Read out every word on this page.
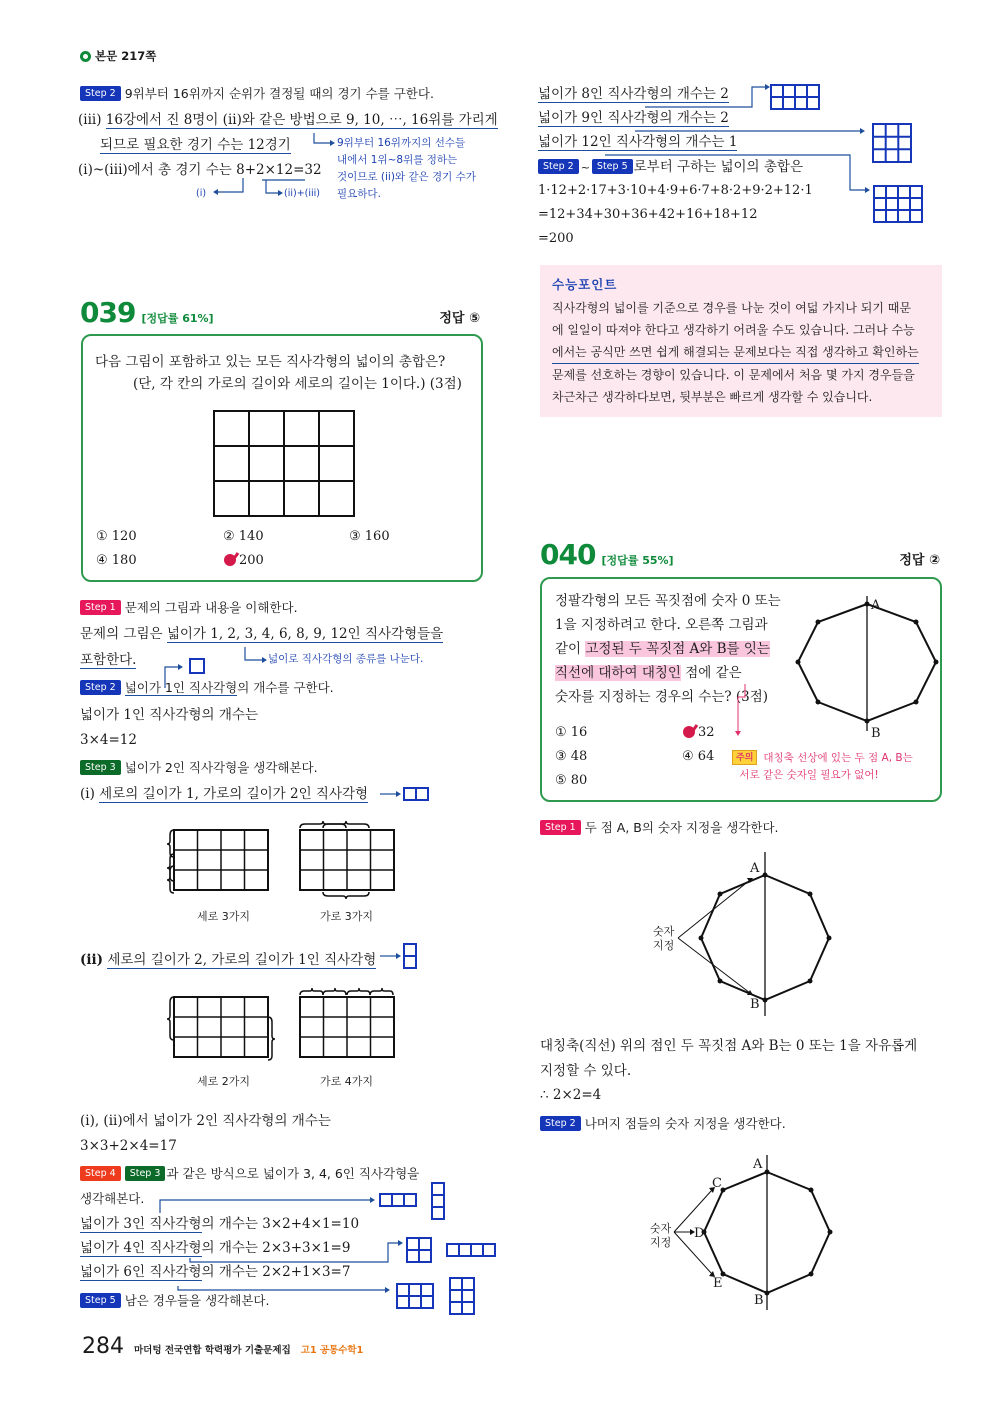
본문 217쪽
Step 2 9위부터 16위까지 순위가 결정될 때의 경기 수를 구한다.
(iii) 16강에서 진 8명이 (ii)와 같은 방법으로 9, 10, ⋯, 16위를 가리게
되므로 필요한 경기 수는 12경기
(i)~(iii)에서 총 경기 수는 8+2×12=32
(i)	(ii)+(iii)
9위부터 16위까지의 선수들
내에서 1위~8위를 정하는
것이므로 (ii)와 같은 경기 수가
필요하다.
넓이가 8인 직사각형의 개수는 2
넓이가 9인 직사각형의 개수는 2
넓이가 12인 직사각형의 개수는 1
Step 2 ~ Step 5 로부터 구하는 넓이의 총합은
1·12+2·17+3·10+4·9+6·7+8·2+9·2+12·1
=12+34+30+36+42+16+18+12
=200
수능포인트
직사각형의 넓이를 기준으로 경우를 나눈 것이 여덟 가지나 되기 때문
에 일일이 따져야 한다고 생각하기 어려울 수도 있습니다. 그러나 수능
에서는 공식만 쓰면 쉽게 해결되는 문제보다는 직접 생각하고 확인하는
문제를 선호하는 경향이 있습니다. 이 문제에서 처음 몇 가지 경우들을
차근차근 생각하다보면, 뒷부분은 빠르게 생각할 수 있습니다.
039 [정답률 61%]	정답 ⑤
다음 그림이 포함하고 있는 모든 직사각형의 넓이의 총합은?
(단, 각 칸의 가로의 길이와 세로의 길이는 1이다.) (3점)
① 120	② 140	③ 160
④ 180	200
Step 1 문제의 그림과 내용을 이해한다.
문제의 그림은 넓이가 1, 2, 3, 4, 6, 8, 9, 12인 직사각형들을
포함한다.	넓이로 직사각형의 종류를 나눈다.
Step 2 넓이가 1인 직사각형의 개수를 구한다.
넓이가 1인 직사각형의 개수는
3×4=12
Step 3 넓이가 2인 직사각형을 생각해본다.
(i) 세로의 길이가 1, 가로의 길이가 2인 직사각형
세로 3가지	가로 3가지
(ii) 세로의 길이가 2, 가로의 길이가 1인 직사각형
세로 2가지	가로 4가지
(i), (ii)에서 넓이가 2인 직사각형의 개수는
3×3+2×4=17
Step 4 Step 3 과 같은 방식으로 넓이가 3, 4, 6인 직사각형을
생각해본다.
넓이가 3인 직사각형의 개수는 3×2+4×1=10
넓이가 4인 직사각형의 개수는 2×3+3×1=9
넓이가 6인 직사각형의 개수는 2×2+1×3=7
Step 5 남은 경우들을 생각해본다.
040 [정답률 55%]	정답 ②
정팔각형의 모든 꼭짓점에 숫자 0 또는
1을 지정하려고 한다. 오른쪽 그림과
같이 고정된 두 꼭짓점 A와 B를 잇는
직선에 대하여 대칭인 점에 같은
숫자를 지정하는 경우의 수는? (3점)
① 16	32
③ 48	④ 64
⑤ 80
주의 대칭축 선상에 있는 두 점 A, B는
서로 같은 숫자일 필요가 없어!
A
B
Step 1 두 점 A, B의 숫자 지정을 생각한다.
A
B
숫자
지정
대칭축(직선) 위의 점인 두 꼭짓점 A와 B는 0 또는 1을 자유롭게
지정할 수 있다.
∴ 2×2=4
Step 2 나머지 점들의 숫자 지정을 생각한다.
A
B
C
D
E
숫자
지정
284 마더텅 전국연합 학력평가 기출문제집 고1 공통수학1
